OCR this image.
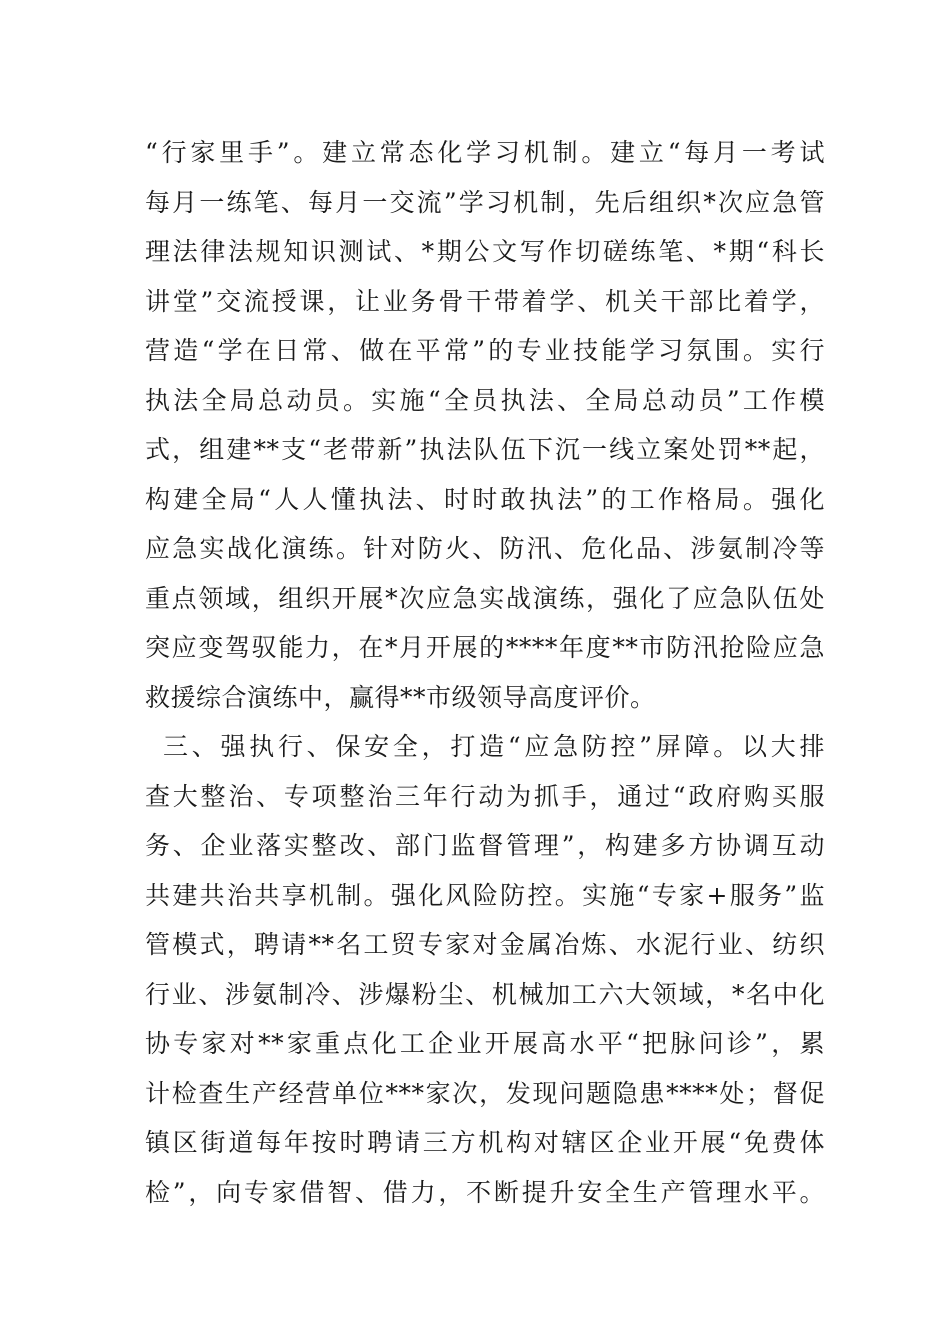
“行家里手”。建立常态化学习机制。建立“每月一考试
每月一练笔、每月一交流”学习机制，先后组织*次应急管
理法律法规知识测试、*期公文写作切磋练笔、*期“科长
讲堂”交流授课，让业务骨干带着学、机关干部比着学，
营造“学在日常、做在平常”的专业技能学习氛围。实行
执法全局总动员。实施“全员执法、全局总动员”工作模
式，组建**支“老带新”执法队伍下沉一线立案处罚**起，
构建全局“人人懂执法、时时敢执法”的工作格局。强化
应急实战化演练。针对防火、防汛、危化品、涉氨制冷等
重点领域，组织开展*次应急实战演练，强化了应急队伍处
突应变驾驭能力，在*月开展的****年度**市防汛抢险应急
救援综合演练中，赢得**市级领导高度评价。
三、强执行、保安全，打造“应急防控”屏障。以大排
查大整治、专项整治三年行动为抓手，通过“政府购买服
务、企业落实整改、部门监督管理”，构建多方协调互动
共建共治共享机制。强化风险防控。实施“专家+服务”监
管模式，聘请**名工贸专家对金属冶炼、水泥行业、纺织
行业、涉氨制冷、涉爆粉尘、机械加工六大领域，*名中化
协专家对**家重点化工企业开展高水平“把脉问诊”，累
计检查生产经营单位***家次，发现问题隐患****处；督促
镇区街道每年按时聘请三方机构对辖区企业开展“免费体
检”，向专家借智、借力，不断提升安全生产管理水平。
